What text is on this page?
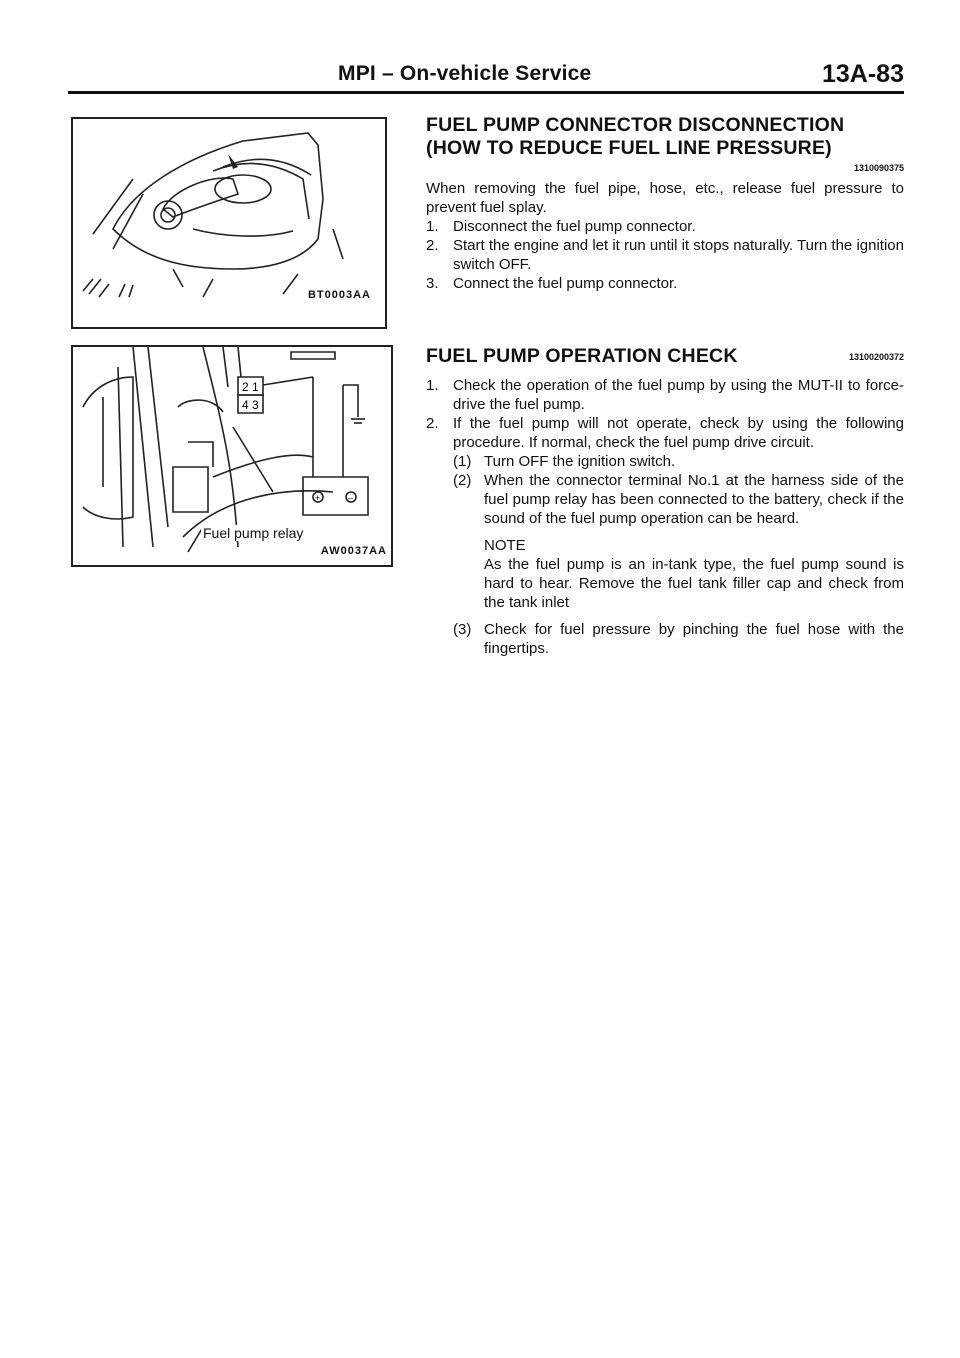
MPI – On-vehicle Service	13A-83
BT0003AA
2 1
4 3
+	–
Fuel pump relay
AW0037AA
FUEL PUMP CONNECTOR DISCONNECTION
(HOW TO REDUCE FUEL LINE PRESSURE)
1310090375

When removing the fuel pipe, hose, etc., release fuel pressure to prevent fuel splay.

1. Disconnect the fuel pump connector.
2. Start the engine and let it run until it stops naturally. Turn the ignition switch OFF.
3. Connect the fuel pump connector.
FUEL PUMP OPERATION CHECK	13100200372
1. Check the operation of the fuel pump by using the MUT-II to force-drive the fuel pump.
2. If the fuel pump will not operate, check by using the following procedure. If normal, check the fuel pump drive circuit.
(1) Turn OFF the ignition switch.
(2) When the connector terminal No.1 at the harness side of the fuel pump relay has been connected to the battery, check if the sound of the fuel pump operation can be heard.
NOTE
As the fuel pump is an in-tank type, the fuel pump sound is hard to hear. Remove the fuel tank filler cap and check from the tank inlet
(3) Check for fuel pressure by pinching the fuel hose with the fingertips.
